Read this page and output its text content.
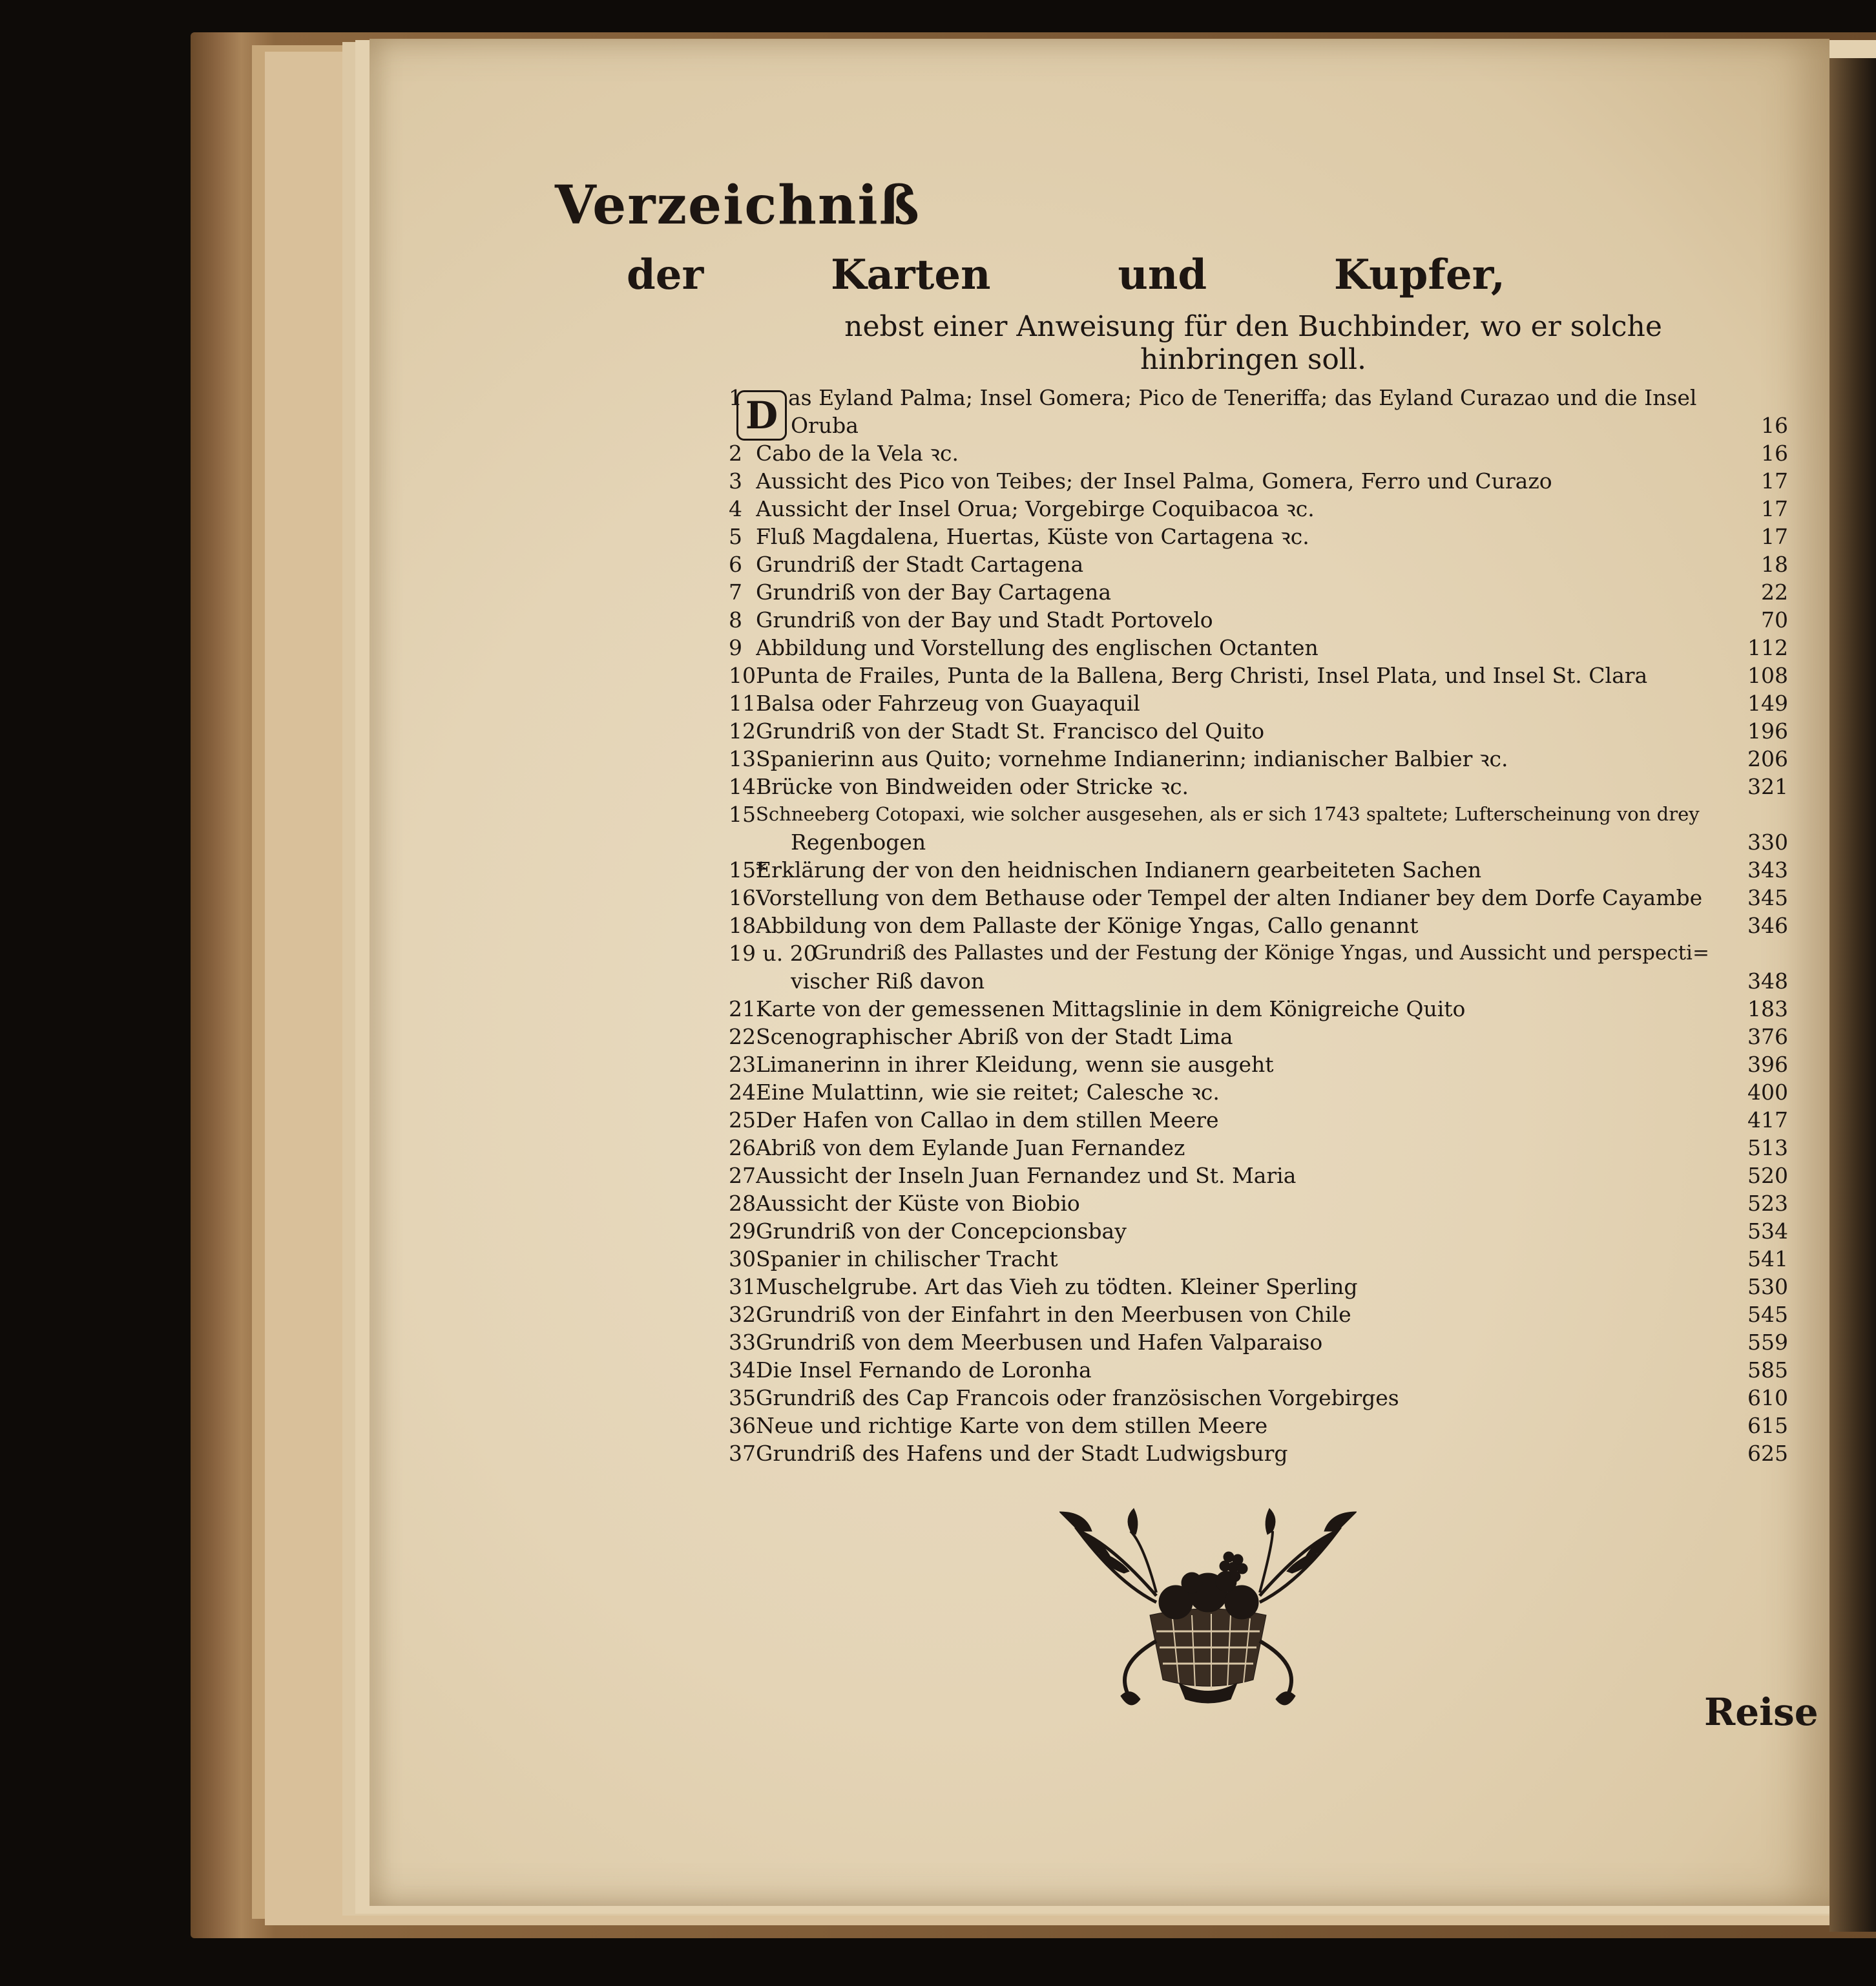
Verzeichniß
der	Karten	und	Kupfer,
nebst einer Anweisung für den Buchbinder, wo er solche hinbringen soll.
D
1	as Eyland Palma; Insel Gomera; Pico de Teneriffa; das Eyland Curazao und die Insel
Oruba	16
2 Cabo de la Vela ꝛc.	16
3 Aussicht des Pico von Teibes; der Insel Palma, Gomera, Ferro und Curazo	17
4 Aussicht der Insel Orua; Vorgebirge Coquibacoa ꝛc.	17
5 Fluß Magdalena, Huertas, Küste von Cartagena ꝛc.	17
6 Grundriß der Stadt Cartagena	18
7 Grundriß von der Bay Cartagena	22
8 Grundriß von der Bay und Stadt Portovelo	70
9 Abbildung und Vorstellung des englischen Octanten	112
10 Punta de Frailes, Punta de la Ballena, Berg Christi, Insel Plata, und Insel St. Clara	108
11 Balsa oder Fahrzeug von Guayaquil	149
12 Grundriß von der Stadt St. Francisco del Quito	196
13 Spanierinn aus Quito; vornehme Indianerinn; indianischer Balbier ꝛc.	206
14 Brücke von Bindweiden oder Stricke ꝛc.	321
15 Schneeberg Cotopaxi, wie solcher ausgesehen, als er sich 1743 spaltete; Lufterscheinung von drey
Regenbogen	330
15*
Erklärung der von den heidnischen Indianern gearbeiteten Sachen	343
16 Vorstellung von dem Bethause oder Tempel der alten Indianer bey dem Dorfe Cayambe	345
18 Abbildung von dem Pallaste der Könige Yngas, Callo genannt	346
19 u. 20
Grundriß des Pallastes und der Festung der Könige Yngas, und Aussicht und perspecti=
vischer Riß davon	348
21 Karte von der gemessenen Mittagslinie in dem Königreiche Quito	183
22 Scenographischer Abriß von der Stadt Lima	376
23 Limanerinn in ihrer Kleidung, wenn sie ausgeht	396
24 Eine Mulattinn, wie sie reitet; Calesche ꝛc.	400
25 Der Hafen von Callao in dem stillen Meere	417
26 Abriß von dem Eylande Juan Fernandez	513
27 Aussicht der Inseln Juan Fernandez und St. Maria	520
28 Aussicht der Küste von Biobio	523
29 Grundriß von der Concepcionsbay	534
30 Spanier in chilischer Tracht	541
31 Muschelgrube. Art das Vieh zu tödten. Kleiner Sperling	530
32 Grundriß von der Einfahrt in den Meerbusen von Chile	545
33 Grundriß von dem Meerbusen und Hafen Valparaiso	559
34 Die Insel Fernando de Loronha	585
35 Grundriß des Cap Francois oder französischen Vorgebirges	610
36 Neue und richtige Karte von dem stillen Meere	615
37 Grundriß des Hafens und der Stadt Ludwigsburg	625
Reise
